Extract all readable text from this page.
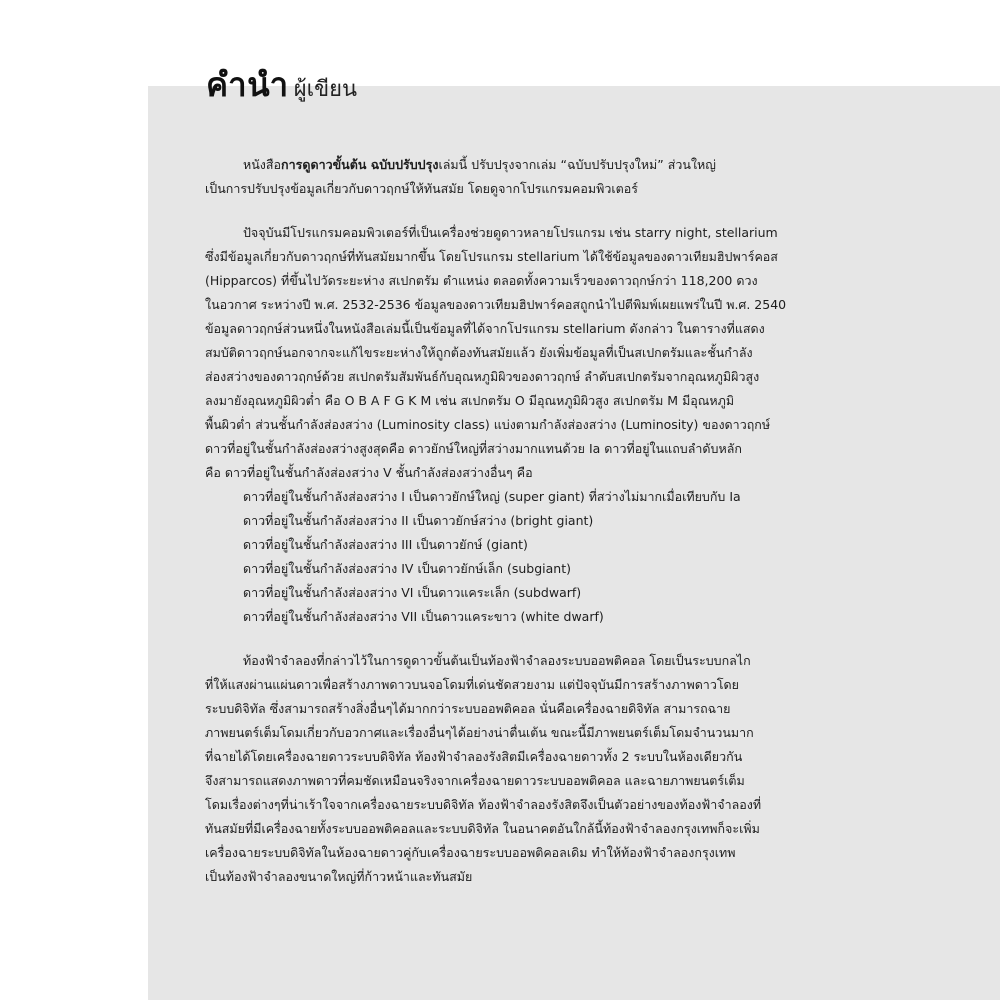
คำนำ ผู้เขียน
หนังสือการดูดาวขั้นต้น ฉบับปรับปรุงเล่มนี้ ปรับปรุงจากเล่ม “ฉบับปรับปรุงใหม่” ส่วนใหญ่
เป็นการปรับปรุงข้อมูลเกี่ยวกับดาวฤกษ์ให้ทันสมัย โดยดูจากโปรแกรมคอมพิวเตอร์
ปัจจุบันมีโปรแกรมคอมพิวเตอร์ที่เป็นเครื่องช่วยดูดาวหลายโปรแกรม เช่น starry night, stellarium
ซึ่งมีข้อมูลเกี่ยวกับดาวฤกษ์ที่ทันสมัยมากขึ้น โดยโปรแกรม stellarium ได้ใช้ข้อมูลของดาวเทียมฮิปพาร์คอส
(Hipparcos) ที่ขึ้นไปวัดระยะห่าง สเปกตรัม ตำแหน่ง ตลอดทั้งความเร็วของดาวฤกษ์กว่า 118,200 ดวง
ในอวกาศ ระหว่างปี พ.ศ. 2532-2536 ข้อมูลของดาวเทียมฮิปพาร์คอสถูกนำไปตีพิมพ์เผยแพร่ในปี พ.ศ. 2540
ข้อมูลดาวฤกษ์ส่วนหนึ่งในหนังสือเล่มนี้เป็นข้อมูลที่ได้จากโปรแกรม stellarium ดังกล่าว ในตารางที่แสดง
สมบัติดาวฤกษ์นอกจากจะแก้ไขระยะห่างให้ถูกต้องทันสมัยแล้ว ยังเพิ่มข้อมูลที่เป็นสเปกตรัมและชั้นกำลัง
ส่องสว่างของดาวฤกษ์ด้วย สเปกตรัมสัมพันธ์กับอุณหภูมิผิวของดาวฤกษ์ ลำดับสเปกตรัมจากอุณหภูมิผิวสูง
ลงมายังอุณหภูมิผิวต่ำ คือ O B A F G K M เช่น สเปกตรัม O มีอุณหภูมิผิวสูง สเปกตรัม M มีอุณหภูมิ
พื้นผิวต่ำ ส่วนชั้นกำลังส่องสว่าง (Luminosity class) แบ่งตามกำลังส่องสว่าง (Luminosity) ของดาวฤกษ์
ดาวที่อยู่ในชั้นกำลังส่องสว่างสูงสุดคือ ดาวยักษ์ใหญ่ที่สว่างมากแทนด้วย Ia ดาวที่อยู่ในแถบลำดับหลัก
คือ ดาวที่อยู่ในชั้นกำลังส่องสว่าง V ชั้นกำลังส่องสว่างอื่นๆ คือ
ดาวที่อยู่ในชั้นกำลังส่องสว่าง I เป็นดาวยักษ์ใหญ่ (super giant) ที่สว่างไม่มากเมื่อเทียบกับ Ia
ดาวที่อยู่ในชั้นกำลังส่องสว่าง II เป็นดาวยักษ์สว่าง (bright giant)
ดาวที่อยู่ในชั้นกำลังส่องสว่าง III เป็นดาวยักษ์ (giant)
ดาวที่อยู่ในชั้นกำลังส่องสว่าง IV เป็นดาวยักษ์เล็ก (subgiant)
ดาวที่อยู่ในชั้นกำลังส่องสว่าง VI เป็นดาวแคระเล็ก (subdwarf)
ดาวที่อยู่ในชั้นกำลังส่องสว่าง VII เป็นดาวแคระขาว (white dwarf)
ท้องฟ้าจำลองที่กล่าวไว้ในการดูดาวขั้นต้นเป็นท้องฟ้าจำลองระบบออพติคอล โดยเป็นระบบกลไก
ที่ให้แสงผ่านแผ่นดาวเพื่อสร้างภาพดาวบนจอโดมที่เด่นชัดสวยงาม แต่ปัจจุบันมีการสร้างภาพดาวโดย
ระบบดิจิทัล ซึ่งสามารถสร้างสิ่งอื่นๆได้มากกว่าระบบออพติคอล นั่นคือเครื่องฉายดิจิทัล สามารถฉาย
ภาพยนตร์เต็มโดมเกี่ยวกับอวกาศและเรื่องอื่นๆได้อย่างน่าตื่นเต้น ขณะนี้มีภาพยนตร์เต็มโดมจำนวนมาก
ที่ฉายได้โดยเครื่องฉายดาวระบบดิจิทัล ท้องฟ้าจำลองรังสิตมีเครื่องฉายดาวทั้ง 2 ระบบในห้องเดียวกัน
จึงสามารถแสดงภาพดาวที่คมชัดเหมือนจริงจากเครื่องฉายดาวระบบออพติคอล และฉายภาพยนตร์เต็ม
โดมเรื่องต่างๆที่น่าเร้าใจจากเครื่องฉายระบบดิจิทัล ท้องฟ้าจำลองรังสิตจึงเป็นตัวอย่างของท้องฟ้าจำลองที่
ทันสมัยที่มีเครื่องฉายทั้งระบบออพติคอลและระบบดิจิทัล ในอนาคตอันใกล้นี้ท้องฟ้าจำลองกรุงเทพก็จะเพิ่ม
เครื่องฉายระบบดิจิทัลในห้องฉายดาวคู่กับเครื่องฉายระบบออพติคอลเดิม ทำให้ท้องฟ้าจำลองกรุงเทพ
เป็นท้องฟ้าจำลองขนาดใหญ่ที่ก้าวหน้าและทันสมัย
